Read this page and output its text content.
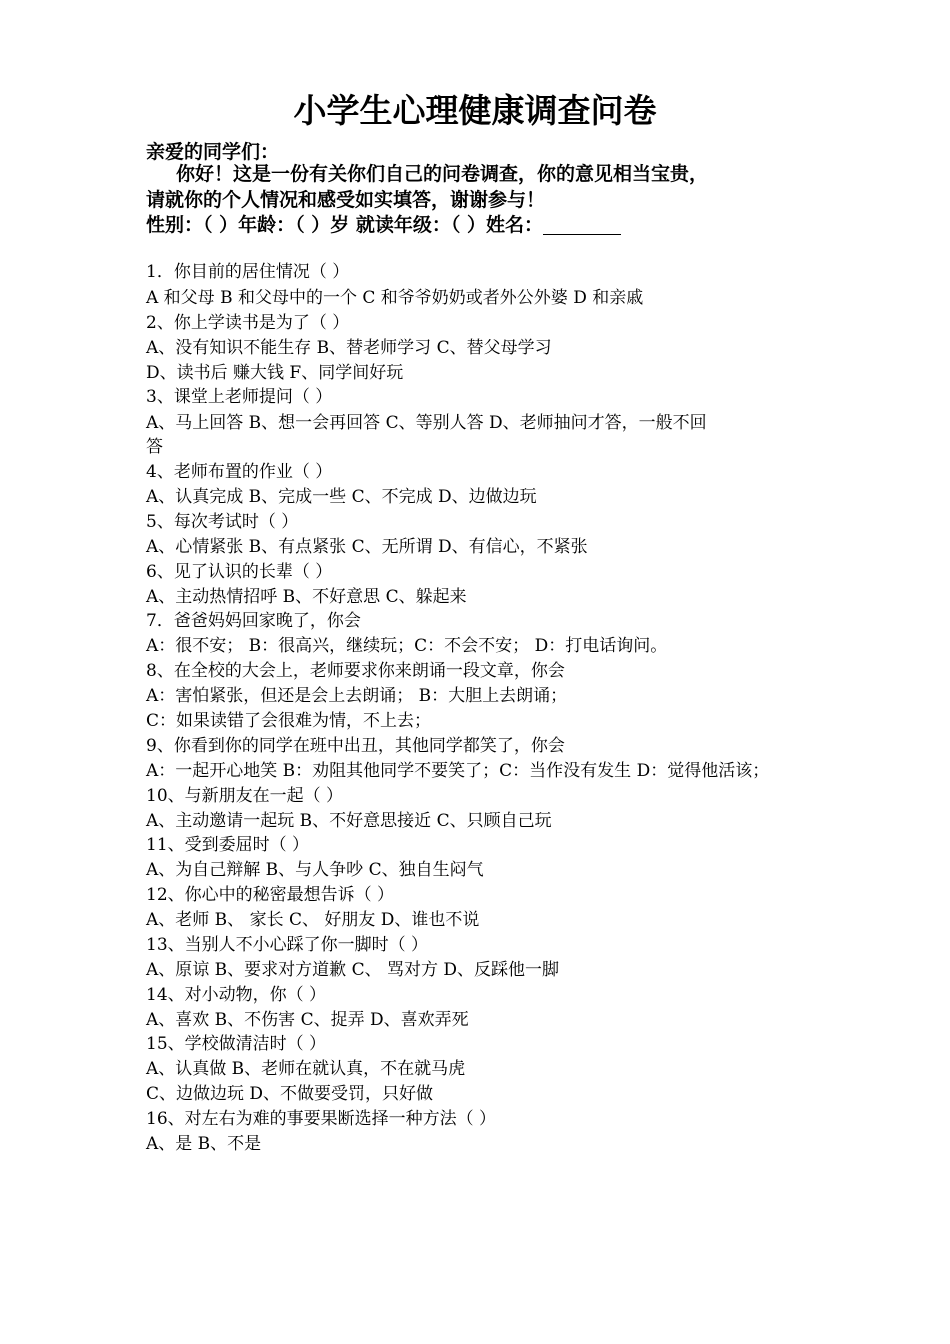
小学生心理健康调查问卷
亲爱的同学们：
你好！这是一份有关你们自己的问卷调查，你的意见相当宝贵，
请就你的个人情况和感受如实填答，谢谢参与！
性别：（ ）年龄：（ ）岁 就读年级：（ ）姓名：
1．你目前的居住情况（ ）
A 和父母 B 和父母中的一个 C 和爷爷奶奶或者外公外婆 D 和亲戚
2、你上学读书是为了（ ）
A、没有知识不能生存 B、替老师学习 C、替父母学习
D、读书后 赚大钱 F、同学间好玩
3、课堂上老师提问（ ）
A、马上回答 B、想一会再回答 C、等别人答 D、老师抽问才答，一般不回
答
4、老师布置的作业（ ）
A、认真完成 B、完成一些 C、不完成 D、边做边玩
5、每次考试时（ ）
A、心情紧张 B、有点紧张 C、无所谓 D、有信心，不紧张
6、见了认识的长辈（ ）
A、主动热情招呼 B、不好意思 C、躲起来
7．爸爸妈妈回家晚了，你会
A：很不安； B：很高兴，继续玩；C：不会不安； D：打电话询问。
8、在全校的大会上，老师要求你来朗诵一段文章，你会
A：害怕紧张，但还是会上去朗诵； B：大胆上去朗诵；
C：如果读错了会很难为情，不上去；
9、你看到你的同学在班中出丑，其他同学都笑了，你会
A：一起开心地笑 B：劝阻其他同学不要笑了；C：当作没有发生 D：觉得他活该；
10、与新朋友在一起（ ）
A、主动邀请一起玩 B、不好意思接近 C、只顾自己玩
11、受到委屈时（ ）
A、为自己辩解 B、与人争吵 C、独自生闷气
12、你心中的秘密最想告诉（ ）
A、老师 B、 家长 C、 好朋友 D、谁也不说
13、当别人不小心踩了你一脚时（ ）
A、原谅 B、要求对方道歉 C、 骂对方 D、反踩他一脚
14、对小动物，你（ ）
A、喜欢 B、不伤害 C、捉弄 D、喜欢弄死
15、学校做清洁时（ ）
A、认真做 B、老师在就认真，不在就马虎
C、边做边玩 D、不做要受罚，只好做
16、对左右为难的事要果断选择一种方法（ ）
A、是 B、不是
